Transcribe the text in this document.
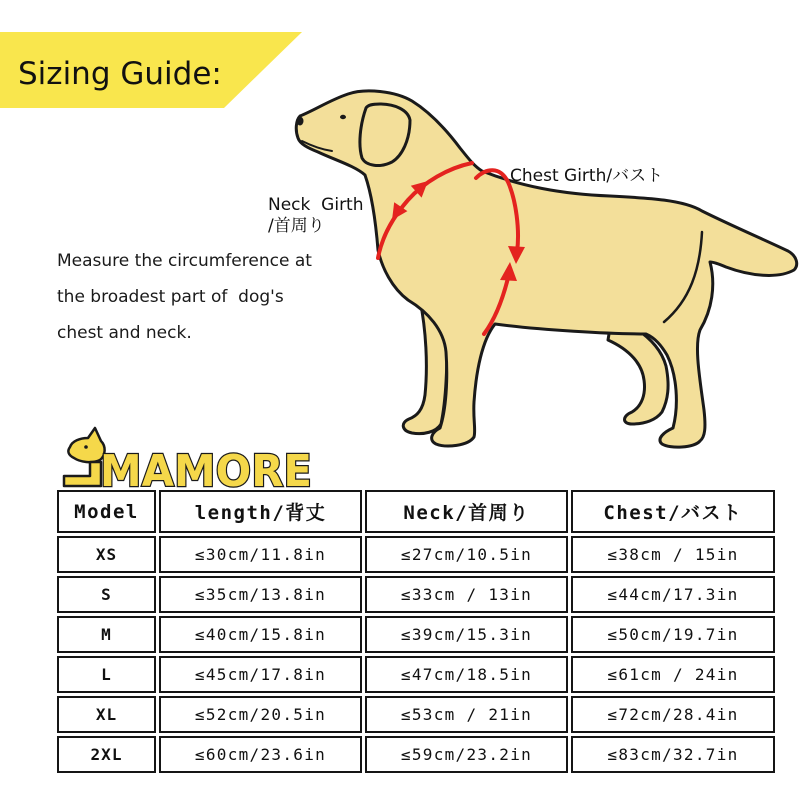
Sizing Guide:
Chest Girth/バスト
Neck  Girth
/首周り
Measure the circumference at
the broadest part of  dog's
chest and neck.
MAMORE
Model	length/背丈	Neck/首周り	Chest/バスト
XS	≤30cm/11.8in	≤27cm/10.5in	≤38cm / 15in
S	≤35cm/13.8in	≤33cm / 13in	≤44cm/17.3in
M	≤40cm/15.8in	≤39cm/15.3in	≤50cm/19.7in
L	≤45cm/17.8in	≤47cm/18.5in	≤61cm / 24in
XL	≤52cm/20.5in	≤53cm / 21in	≤72cm/28.4in
2XL	≤60cm/23.6in	≤59cm/23.2in	≤83cm/32.7in
